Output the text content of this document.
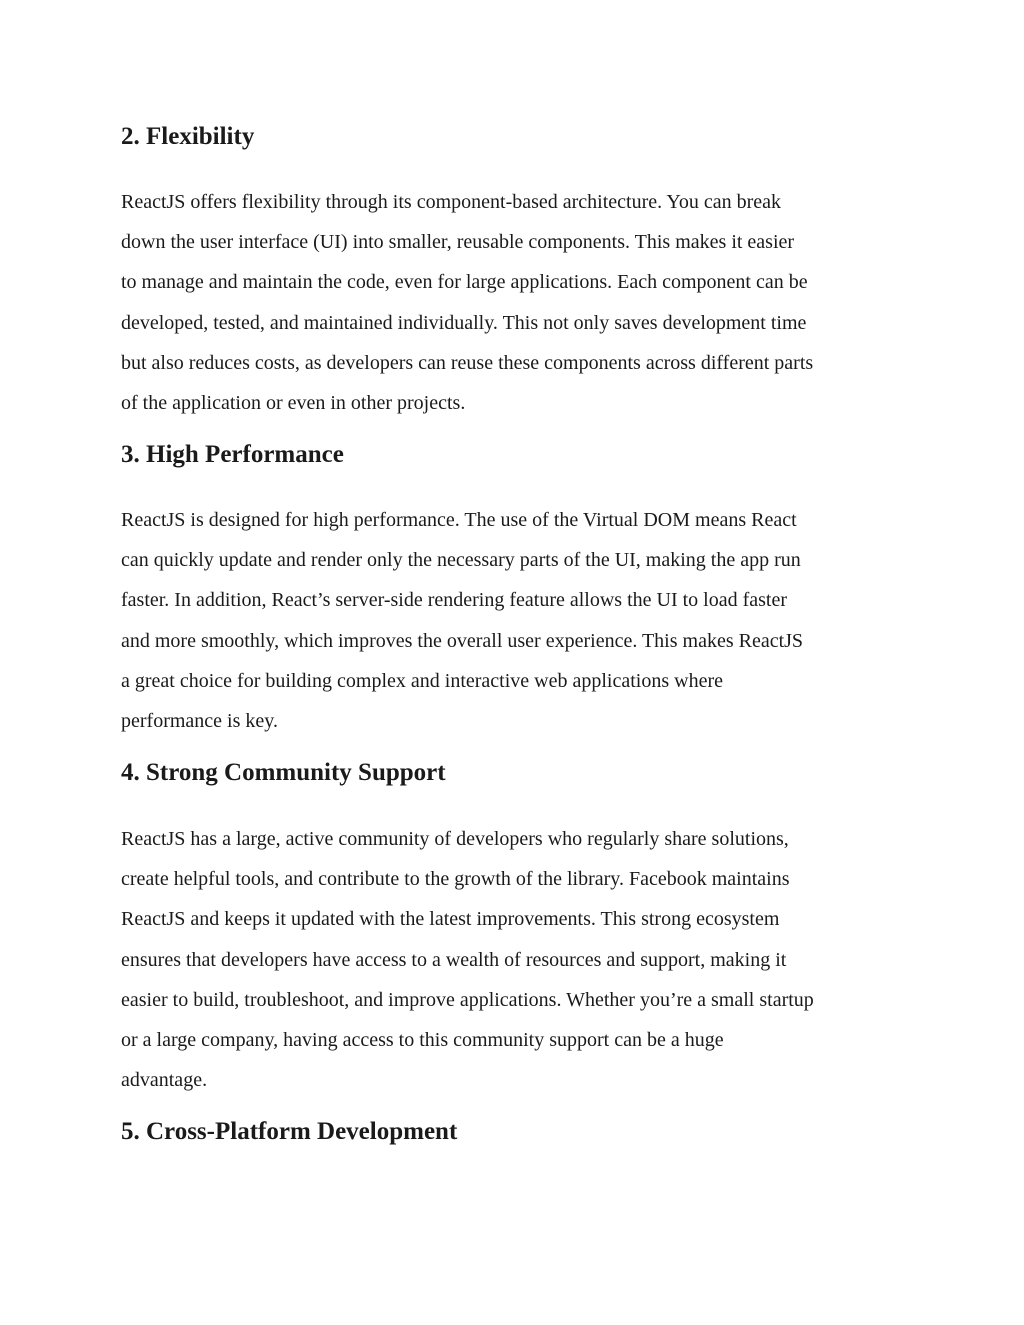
2. Flexibility
ReactJS offers flexibility through its component-based architecture. You can break
down the user interface (UI) into smaller, reusable components. This makes it easier
to manage and maintain the code, even for large applications. Each component can be
developed, tested, and maintained individually. This not only saves development time
but also reduces costs, as developers can reuse these components across different parts
of the application or even in other projects.
3. High Performance
ReactJS is designed for high performance. The use of the Virtual DOM means React
can quickly update and render only the necessary parts of the UI, making the app run
faster. In addition, React’s server-side rendering feature allows the UI to load faster
and more smoothly, which improves the overall user experience. This makes ReactJS
a great choice for building complex and interactive web applications where
performance is key.
4. Strong Community Support
ReactJS has a large, active community of developers who regularly share solutions,
create helpful tools, and contribute to the growth of the library. Facebook maintains
ReactJS and keeps it updated with the latest improvements. This strong ecosystem
ensures that developers have access to a wealth of resources and support, making it
easier to build, troubleshoot, and improve applications. Whether you’re a small startup
or a large company, having access to this community support can be a huge
advantage.
5. Cross-Platform Development
